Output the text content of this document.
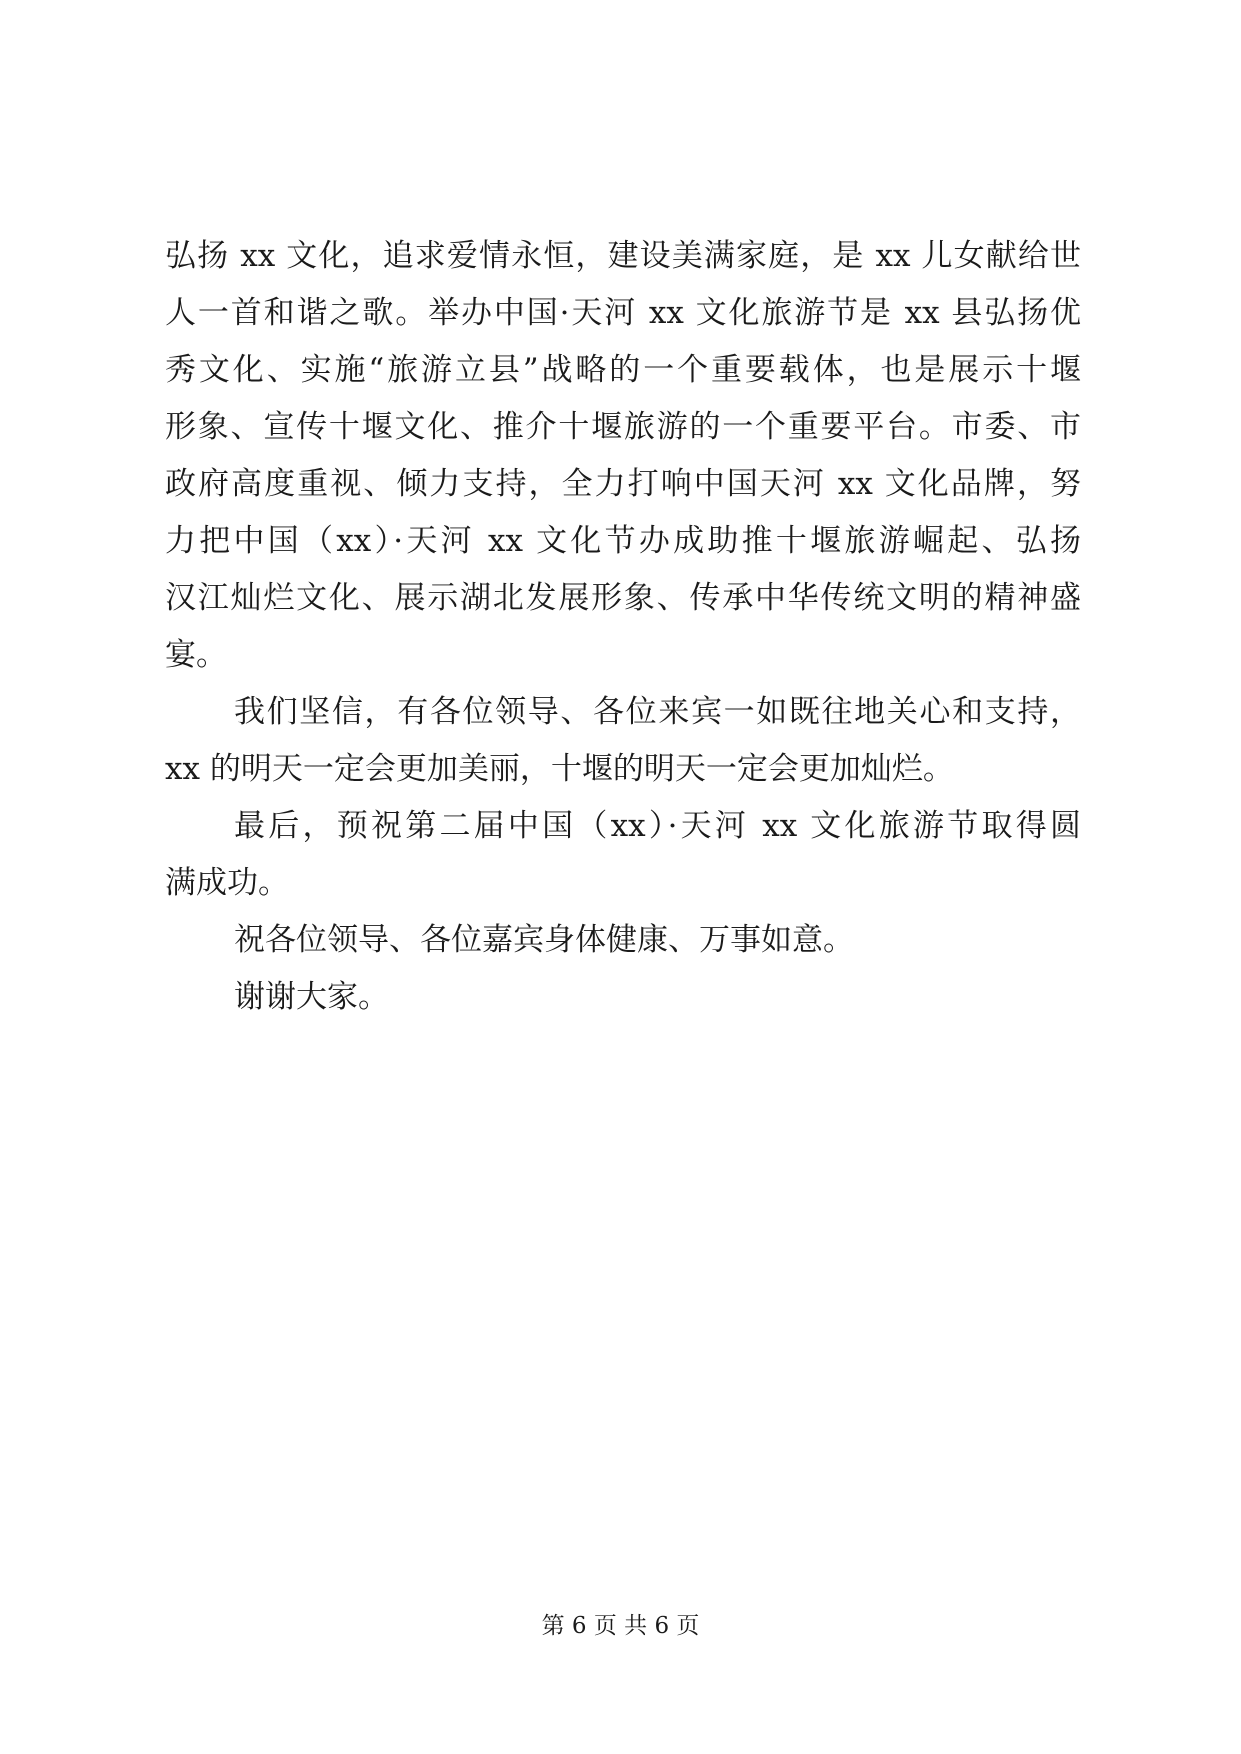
弘扬 xx 文化，追求爱情永恒，建设美满家庭，是 xx 儿女献给世
人一首和谐之歌。举办中国·天河 xx 文化旅游节是 xx 县弘扬优
秀文化、实施“旅游立县”战略的一个重要载体，也是展示十堰
形象、宣传十堰文化、推介十堰旅游的一个重要平台。市委、市
政府高度重视、倾力支持，全力打响中国天河 xx 文化品牌，努
力把中国（xx）·天河 xx 文化节办成助推十堰旅游崛起、弘扬
汉江灿烂文化、展示湖北发展形象、传承中华传统文明的精神盛
宴。
我们坚信，有各位领导、各位来宾一如既往地关心和支持，
xx 的明天一定会更加美丽，十堰的明天一定会更加灿烂。
最后，预祝第二届中国（xx）·天河 xx 文化旅游节取得圆
满成功。
祝各位领导、各位嘉宾身体健康、万事如意。
谢谢大家。
第 6 页 共 6 页
